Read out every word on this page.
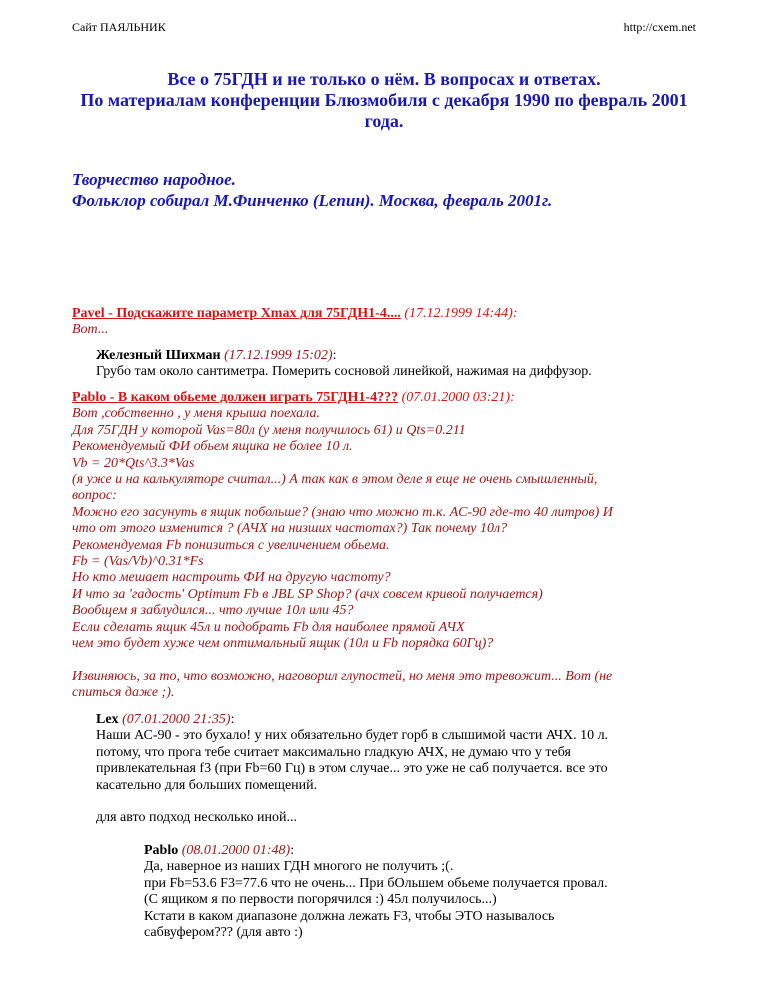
Сайт ПАЯЛЬНИК	http://cxem.net
Все о 75ГДН и не только о нём. В вопросах и ответах.
По материалам конференции Блюзмобиля с декабря 1990 по февраль 2001
года.
Творчество народное.
Фольклор собирал М.Финченко (Lenин). Москва, февраль 2001г.
Pavel - Подскажите параметр Xmax для 75ГДН1-4.... (17.12.1999 14:44):
Вот...
Железный Шихман (17.12.1999 15:02):
Грубо там около сантиметра. Померить сосновой линейкой, нажимая на диффузор.
Pablo - В каком обьеме должен играть 75ГДН1-4??? (07.01.2000 03:21):
Вот ,собственно , у меня крыша поехала.
Для 75ГДН у которой Vas=80л (у меня получилось 61) и Qts=0.211
Рекомендуемый ФИ обьем ящика не более 10 л.
Vb = 20*Qts^3.3*Vas
(я уже и на калькуляторе считал...) А так как в этом деле я еще не очень смышленный,
вопрос:
Можно его засунуть в ящик побольше? (знаю что можно т.к. AC-90 где-то 40 литров) И
что от этого изменится ? (АЧХ на низших частотах?) Так почему 10л?
Рекомендуемая Fb понизиться с увеличением обьема.
Fb = (Vas/Vb)^0.31*Fs
Но кто мешает настроить ФИ на другую частоту?
И что за 'гадость' Optimum Fb в JBL SP Shop? (ачх совсем кривой получается)
Вообщем я заблудился... что лучше 10л или 45?
Если сделать ящик 45л и подобрать Fb для наиболее прямой АЧХ
чем это будет хуже чем оптимальный ящик (10л и Fb порядка 60Гц)?
Извиняюсь, за то, что возможно, наговорил глупостей, но меня это тревожит... Вот (не
спиться даже ;).
Lex (07.01.2000 21:35):
Наши АС-90 - это бухало! у них обязательно будет горб в слышимой части АЧХ. 10 л.
потому, что прога тебе считает максимально гладкую АЧХ, не думаю что у тебя
привлекательная f3 (при Fb=60 Гц) в этом случае... это уже не саб получается. все это
касательно для больших помещений.
для авто подход несколько иной...
Pablo (08.01.2000 01:48):
Да, наверное из наших ГДН многого не получить ;(.
при Fb=53.6 F3=77.6 что не очень... При бОльшем обьеме получается провал.
(С ящиком я по первости погорячился :) 45л получилось...)
Кстати в каком диапазоне должна лежать F3, чтобы ЭТО называлось
сабвуфером??? (для авто :)
